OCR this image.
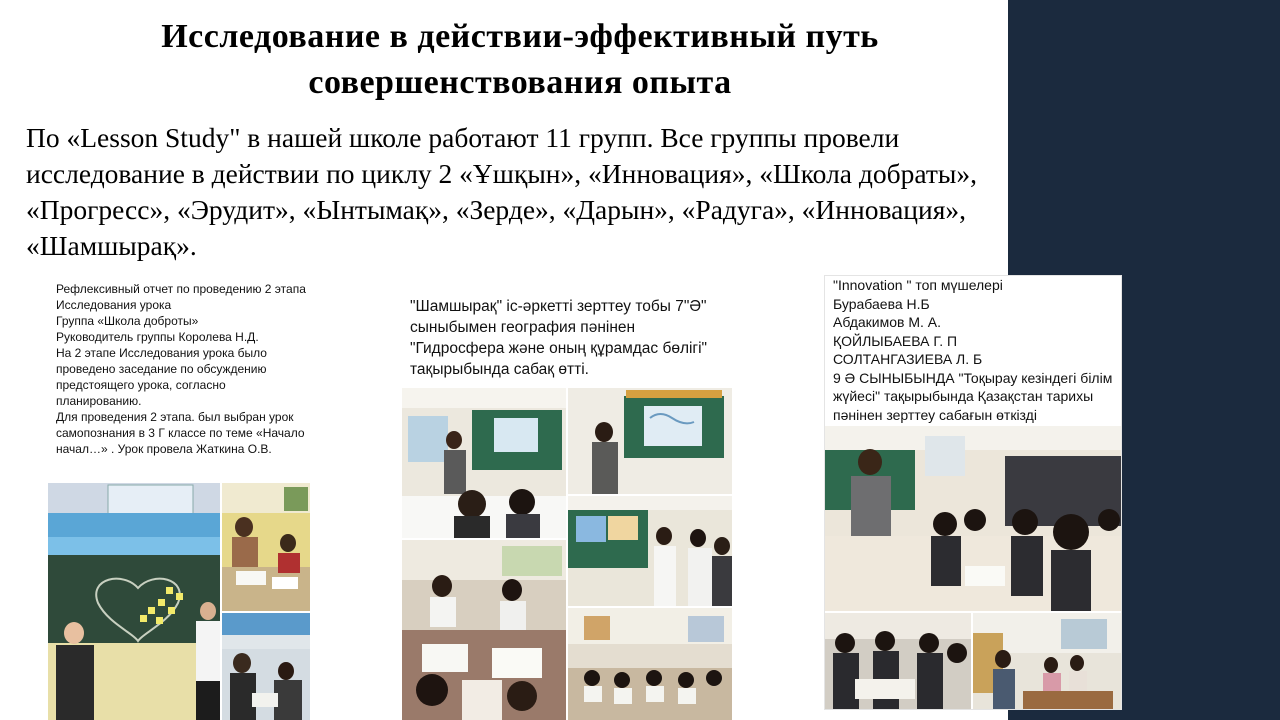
Исследование в действии-эффективный путь совершенствования опыта

По «Lesson Study" в нашей школе работают 11 групп. Все группы провели исследование в действии по циклу 2 «Ұшқын», «Инновация», «Школа добраты», «Прогресс», «Эрудит», «Ынтымақ», «Зерде», «Дарын», «Радуга», «Инновация», «Шамшырақ».

Рефлексивный отчет по проведению 2 этапа Исследования урока
Группа «Школа доброты»
Руководитель группы Королева Н.Д.
На 2 этапе Исследования урока было проведено заседание по обсуждению предстоящего урока, согласно планированию.
Для проведения 2 этапа. был выбран урок самопознания в 3 Г классе по теме «Начало начал…» . Урок провела Жаткина О.В.
"Шамшырақ" іс-әркетті зерттеу тобы 7"Ә" сыныбымен география пәнінен "Гидросфера және оның құрамдас бөлігі" тақырыбында сабақ өтті.
"Innovation " топ мүшелері
Бурабаева Н.Б
Абдакимов М. А.
ҚОЙЛЫБАЕВА Г. П
СОЛТАНГАЗИЕВА Л. Б
9 Ә СЫНЫБЫНДА "Тоқырау кезіндегі білім жүйесі" тақырыбында Қазақстан тарихы пәнінен зерттеу сабағын өткізді
